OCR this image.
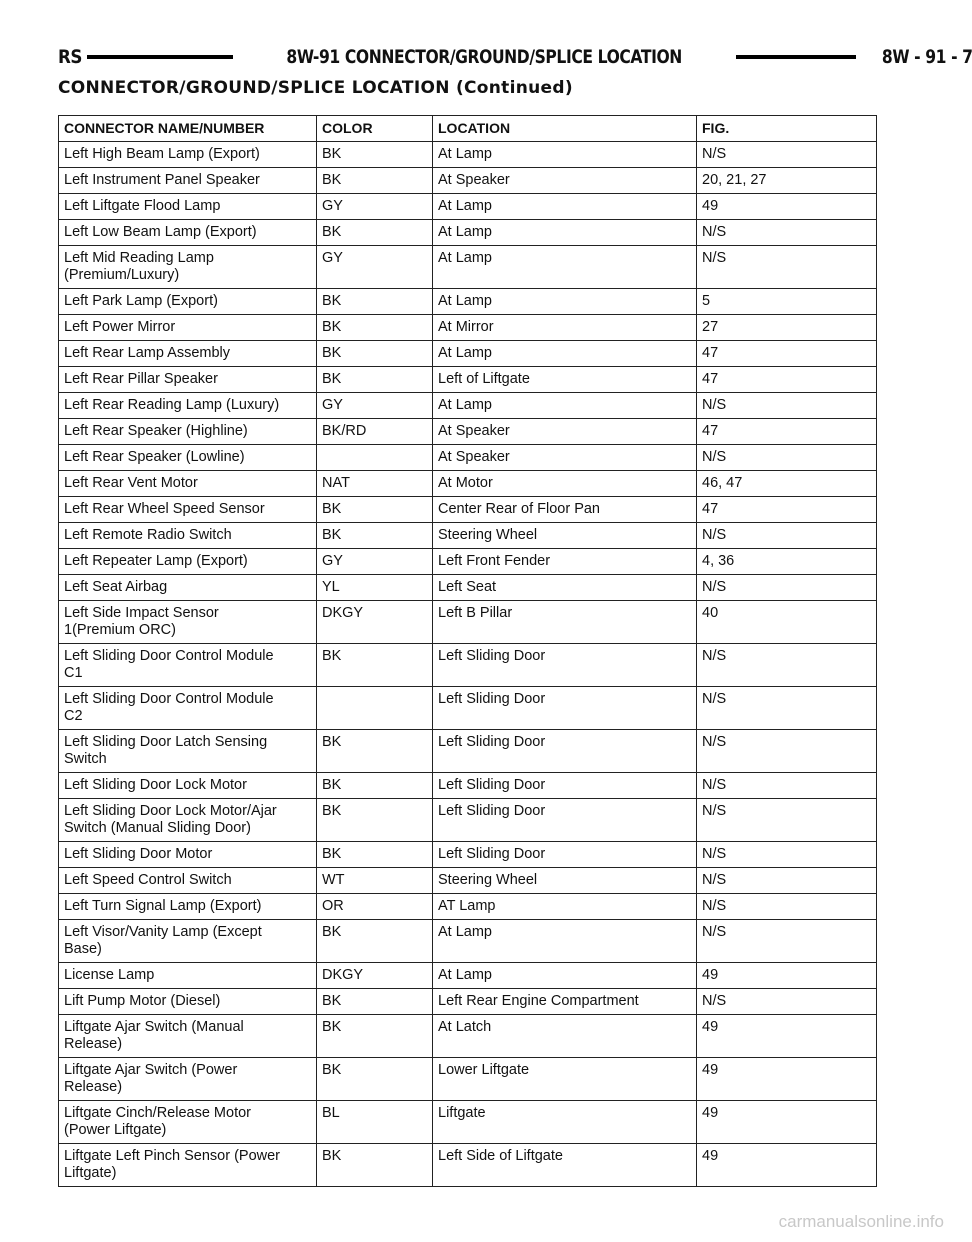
RS	8W-91 CONNECTOR/GROUND/SPLICE LOCATION	8W - 91 - 7
CONNECTOR/GROUND/SPLICE LOCATION (Continued)
CONNECTOR NAME/NUMBER	COLOR	LOCATION	FIG.
Left High Beam Lamp (Export)	BK	At Lamp	N/S
Left Instrument Panel Speaker	BK	At Speaker	20, 21, 27
Left Liftgate Flood Lamp	GY	At Lamp	49
Left Low Beam Lamp (Export)	BK	At Lamp	N/S
Left Mid Reading Lamp
(Premium/Luxury)	GY	At Lamp	N/S
Left Park Lamp (Export)	BK	At Lamp	5
Left Power Mirror	BK	At Mirror	27
Left Rear Lamp Assembly	BK	At Lamp	47
Left Rear Pillar Speaker	BK	Left of Liftgate	47
Left Rear Reading Lamp (Luxury)	GY	At Lamp	N/S
Left Rear Speaker (Highline)	BK/RD	At Speaker	47
Left Rear Speaker (Lowline)		At Speaker	N/S
Left Rear Vent Motor	NAT	At Motor	46, 47
Left Rear Wheel Speed Sensor	BK	Center Rear of Floor Pan	47
Left Remote Radio Switch	BK	Steering Wheel	N/S
Left Repeater Lamp (Export)	GY	Left Front Fender	4, 36
Left Seat Airbag	YL	Left Seat	N/S
Left Side Impact Sensor
1(Premium ORC)	DKGY	Left B Pillar	40
Left Sliding Door Control Module
C1	BK	Left Sliding Door	N/S
Left Sliding Door Control Module
C2		Left Sliding Door	N/S
Left Sliding Door Latch Sensing
Switch	BK	Left Sliding Door	N/S
Left Sliding Door Lock Motor	BK	Left Sliding Door	N/S
Left Sliding Door Lock Motor/Ajar
Switch (Manual Sliding Door)	BK	Left Sliding Door	N/S
Left Sliding Door Motor	BK	Left Sliding Door	N/S
Left Speed Control Switch	WT	Steering Wheel	N/S
Left Turn Signal Lamp (Export)	OR	AT Lamp	N/S
Left Visor/Vanity Lamp (Except
Base)	BK	At Lamp	N/S
License Lamp	DKGY	At Lamp	49
Lift Pump Motor (Diesel)	BK	Left Rear Engine Compartment	N/S
Liftgate Ajar Switch (Manual
Release)	BK	At Latch	49
Liftgate Ajar Switch (Power
Release)	BK	Lower Liftgate	49
Liftgate Cinch/Release Motor
(Power Liftgate)	BL	Liftgate	49
Liftgate Left Pinch Sensor (Power
Liftgate)	BK	Left Side of Liftgate	49
carmanualsonline.info
